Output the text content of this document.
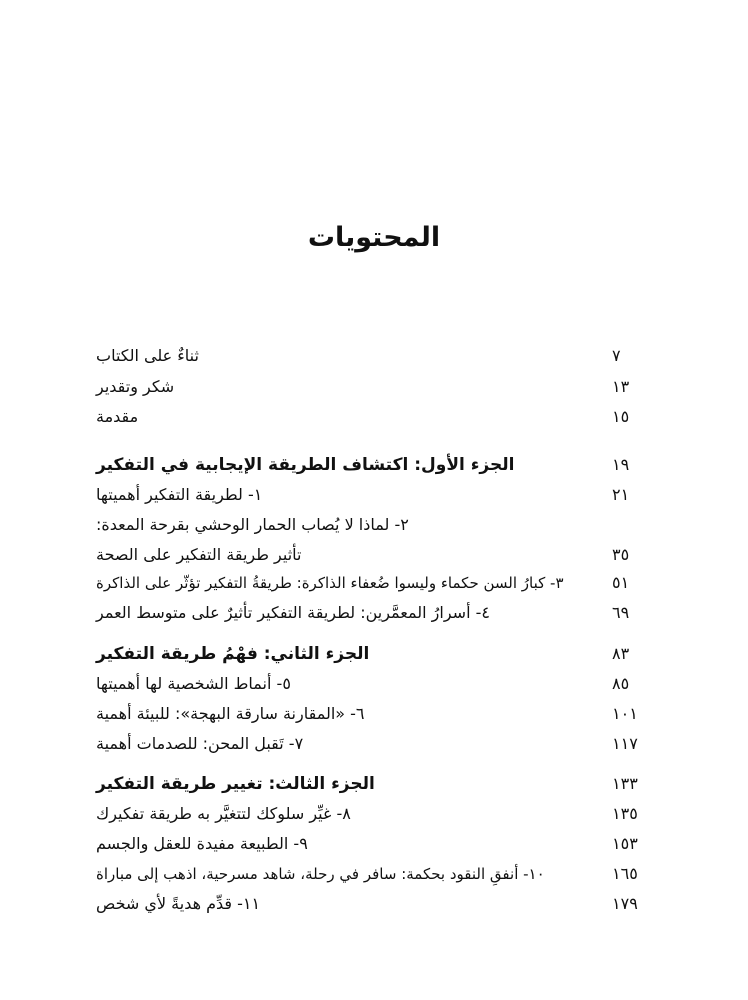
المحتويات
ثناءٌ على الكتاب	٧
شكر وتقدير	١٣
مقدمة	١٥
الجزء الأول: اكتشاف الطريقة الإيجابية في التفكير	١٩
١- لطريقة التفكير أهميتها	٢١
٢- لماذا لا يُصاب الحمار الوحشي بقرحة المعدة:
تأثير طريقة التفكير على الصحة	٣٥
٣- كبارُ السن حكماء وليسوا ضُعفاء الذاكرة: طريقةُ التفكير تؤثّر على الذاكرة	٥١
٤- أسرارُ المعمَّرين: لطريقة التفكير تأثيرٌ على متوسط العمر	٦٩
الجزء الثاني: فهْمُ طريقة التفكير	٨٣
٥- أنماط الشخصية لها أهميتها	٨٥
٦- «المقارنة سارقة البهجة»: للبيئة أهمية	١٠١
٧- تَقبل المحن: للصدمات أهمية	١١٧
الجزء الثالث: تغيير طريقة التفكير	١٣٣
٨- غيِّر سلوكك لتتغيَّر به طريقة تفكيرك	١٣٥
٩- الطبيعة مفيدة للعقل والجسم	١٥٣
١٠- أنفقِ النقود بحكمة: سافر في رحلة، شاهد مسرحية، اذهب إلى مباراة	١٦٥
١١- قدِّم هديةً لأي شخص	١٧٩
